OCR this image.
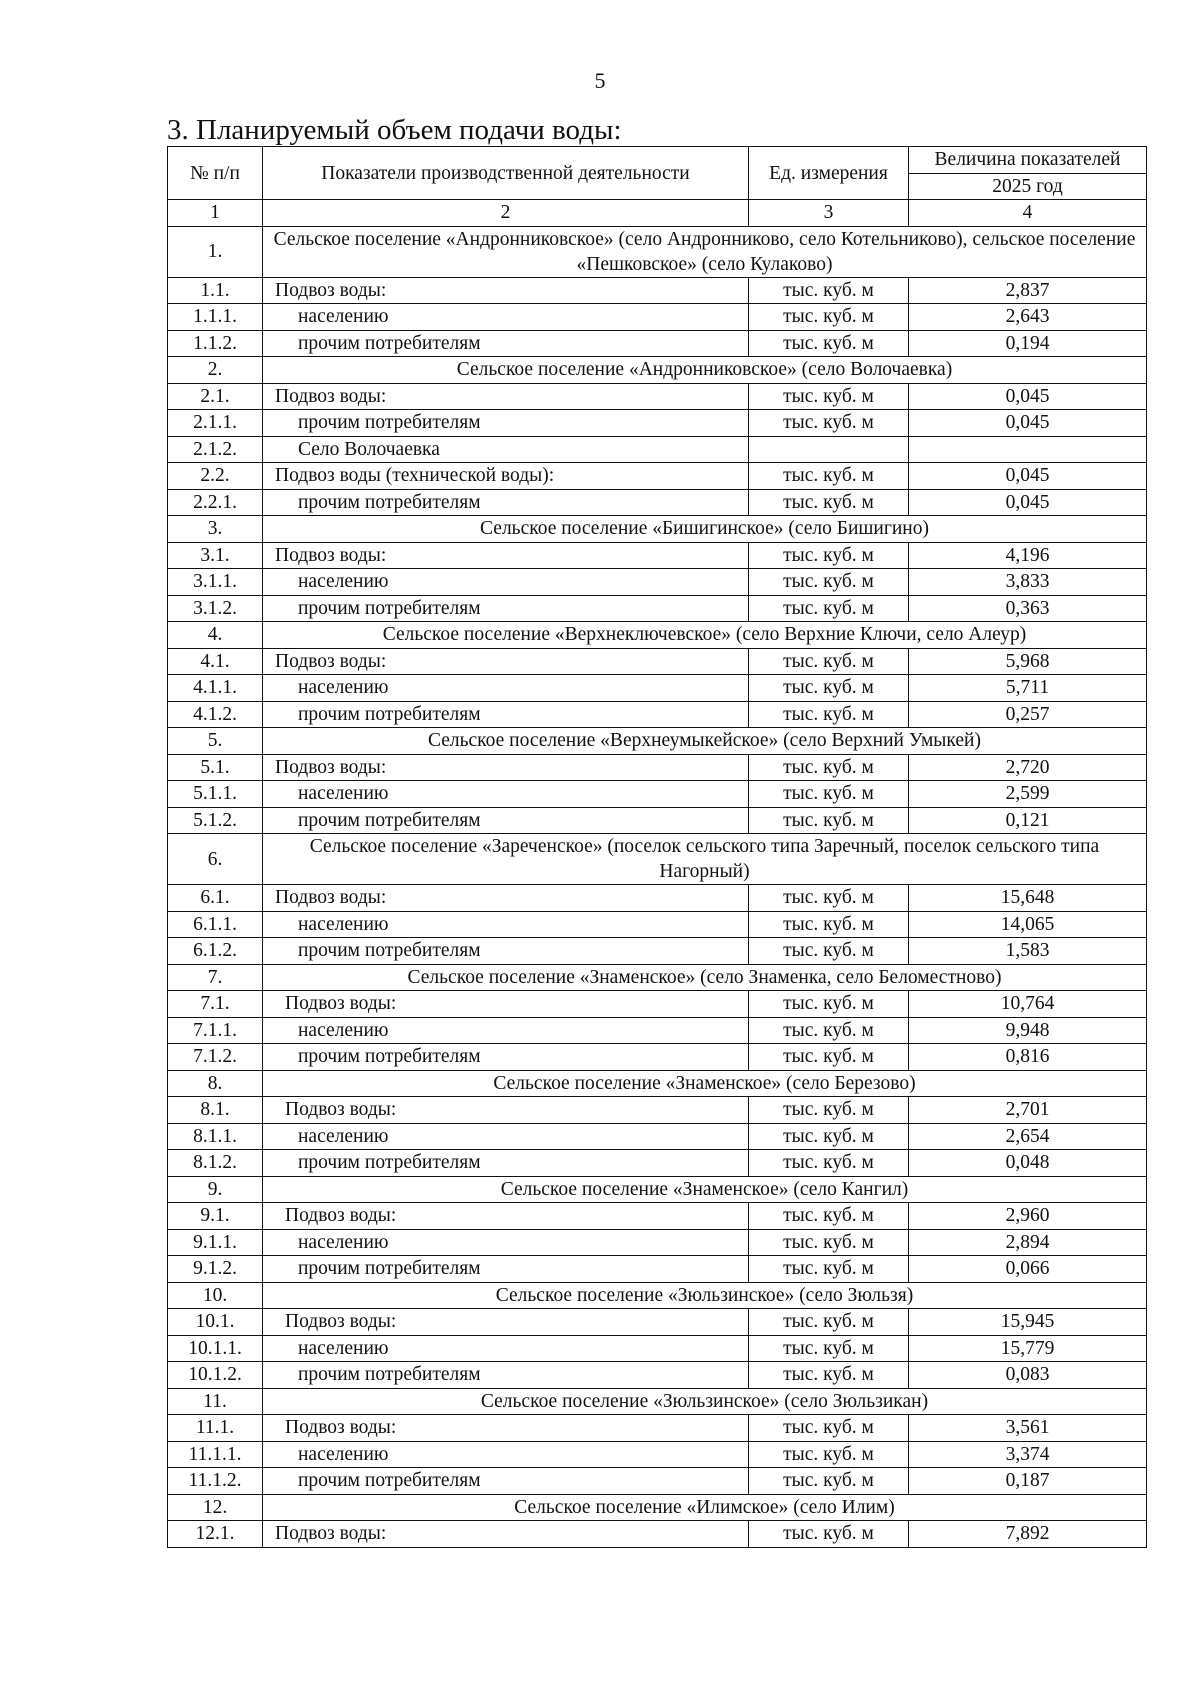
5
3. Планируемый объем подачи воды:
№ п/п	Показатели производственной деятельности	Ед. измерения	Величина показателей
			2025 год
1	2	3	4
1.	Сельское поселение «Андронниковское» (село Андронниково, село Котельниково), сельское поселение «Пешковское» (село Кулаково)		
1.1.	Подвоз воды:	тыс. куб. м	2,837
1.1.1.	населению	тыс. куб. м	2,643
1.1.2.	прочим потребителям	тыс. куб. м	0,194
2.	Сельское поселение «Андронниковское» (село Волочаевка)		
2.1.	Подвоз воды:	тыс. куб. м	0,045
2.1.1.	прочим потребителям	тыс. куб. м	0,045
2.1.2.	Село Волочаевка		
2.2.	Подвоз воды (технической воды):	тыс. куб. м	0,045
2.2.1.	прочим потребителям	тыс. куб. м	0,045
3.	Сельское поселение «Бишигинское» (село Бишигино)		
3.1.	Подвоз воды:	тыс. куб. м	4,196
3.1.1.	населению	тыс. куб. м	3,833
3.1.2.	прочим потребителям	тыс. куб. м	0,363
4.	Сельское поселение «Верхнеключевское» (село Верхние Ключи, село Алеур)		
4.1.	Подвоз воды:	тыс. куб. м	5,968
4.1.1.	населению	тыс. куб. м	5,711
4.1.2.	прочим потребителям	тыс. куб. м	0,257
5.	Сельское поселение «Верхнеумыкейское» (село Верхний Умыкей)		
5.1.	Подвоз воды:	тыс. куб. м	2,720
5.1.1.	населению	тыс. куб. м	2,599
5.1.2.	прочим потребителям	тыс. куб. м	0,121
6.	Сельское поселение «Зареченское» (поселок сельского типа Заречный, поселок сельского типа Нагорный)		
6.1.	Подвоз воды:	тыс. куб. м	15,648
6.1.1.	населению	тыс. куб. м	14,065
6.1.2.	прочим потребителям	тыс. куб. м	1,583
7.	Сельское поселение «Знаменское» (село Знаменка, село Беломестново)		
7.1.	Подвоз воды:	тыс. куб. м	10,764
7.1.1.	населению	тыс. куб. м	9,948
7.1.2.	прочим потребителям	тыс. куб. м	0,816
8.	Сельское поселение «Знаменское» (село Березово)		
8.1.	Подвоз воды:	тыс. куб. м	2,701
8.1.1.	населению	тыс. куб. м	2,654
8.1.2.	прочим потребителям	тыс. куб. м	0,048
9.	Сельское поселение «Знаменское» (село Кангил)		
9.1.	Подвоз воды:	тыс. куб. м	2,960
9.1.1.	населению	тыс. куб. м	2,894
9.1.2.	прочим потребителям	тыс. куб. м	0,066
10.	Сельское поселение «Зюльзинское» (село Зюльзя)		
10.1.	Подвоз воды:	тыс. куб. м	15,945
10.1.1.	населению	тыс. куб. м	15,779
10.1.2.	прочим потребителям	тыс. куб. м	0,083
11.	Сельское поселение «Зюльзинское» (село Зюльзикан)		
11.1.	Подвоз воды:	тыс. куб. м	3,561
11.1.1.	населению	тыс. куб. м	3,374
11.1.2.	прочим потребителям	тыс. куб. м	0,187
12.	Сельское поселение «Илимское» (село Илим)		
12.1.	Подвоз воды:	тыс. куб. м	7,892
